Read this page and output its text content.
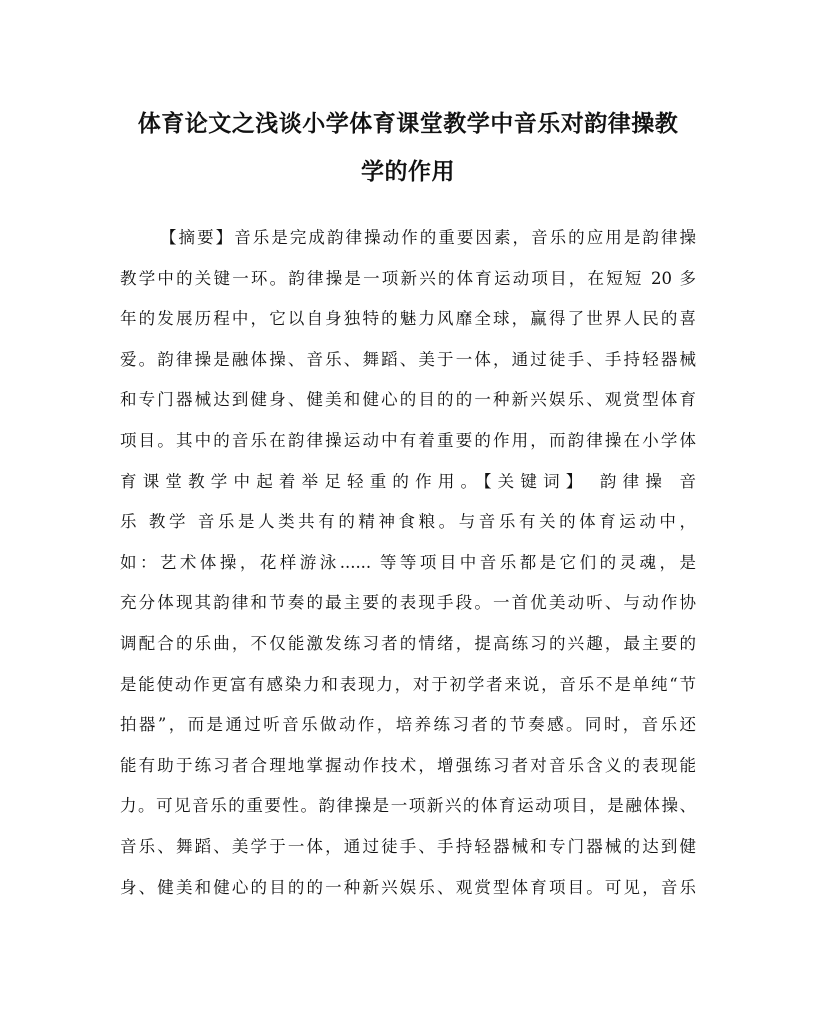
体育论文之浅谈小学体育课堂教学中音乐对韵律操教
学的作用
【摘要】音乐是完成韵律操动作的重要因素，音乐的应用是韵律操
教学中的关键一环。韵律操是一项新兴的体育运动项目，在短短 20 多
年的发展历程中，它以自身独特的魅力风靡全球，赢得了世界人民的喜
爱。韵律操是融体操、音乐、舞蹈、美于一体，通过徒手、手持轻器械
和专门器械达到健身、健美和健心的目的的一种新兴娱乐、观赏型体育
项目。其中的音乐在韵律操运动中有着重要的作用，而韵律操在小学体
育课堂教学中起着举足轻重的作用。【关键词】 韵律操 音
乐 教学 音乐是人类共有的精神食粮。与音乐有关的体育运动中，
如：艺术体操，花样游泳...... 等等项目中音乐都是它们的灵魂，是
充分体现其韵律和节奏的最主要的表现手段。一首优美动听、与动作协
调配合的乐曲，不仅能激发练习者的情绪，提高练习的兴趣，最主要的
是能使动作更富有感染力和表现力，对于初学者来说，音乐不是单纯“节
拍器”，而是通过听音乐做动作，培养练习者的节奏感。同时，音乐还
能有助于练习者合理地掌握动作技术，增强练习者对音乐含义的表现能
力。可见音乐的重要性。韵律操是一项新兴的体育运动项目，是融体操、
音乐、舞蹈、美学于一体，通过徒手、手持轻器械和专门器械的达到健
身、健美和健心的目的的一种新兴娱乐、观赏型体育项目。可见，音乐
